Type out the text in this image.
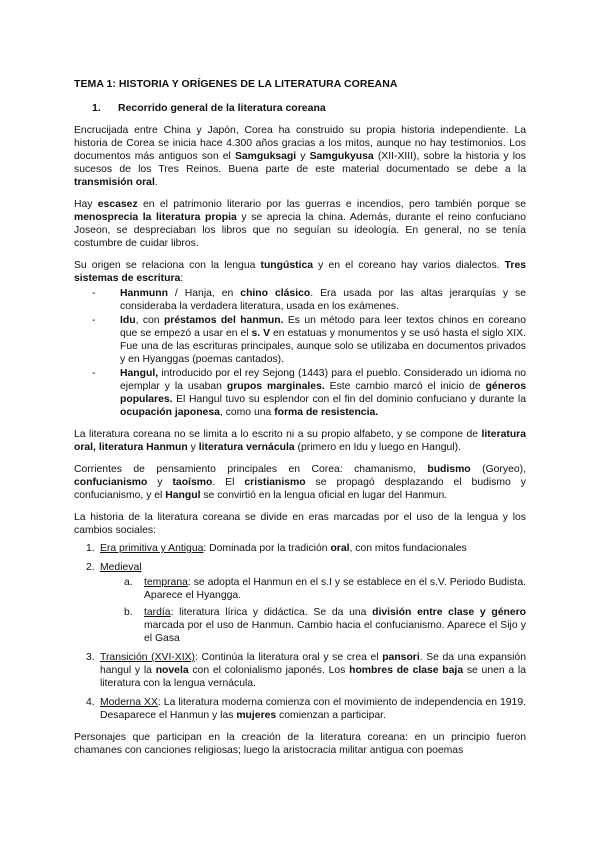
TEMA 1: HISTORIA Y ORÍGENES DE LA LITERATURA COREANA
1. Recorrido general de la literatura coreana

Encrucijada entre China y Japón, Corea ha construido su propia historia independiente. La historia de Corea se inicia hace 4.300 años gracias a los mitos, aunque no hay testimonios. Los documentos más antiguos son el Samguksagi y Samgukyusa (XII-XIII), sobre la historia y los sucesos de los Tres Reinos. Buena parte de este material documentado se debe a la transmisión oral.

Hay escasez en el patrimonio literario por las guerras e incendios, pero también porque se menosprecia la literatura propia y se aprecia la china. Además, durante el reino confuciano Joseon, se despreciaban los libros que no seguían su ideología. En general, no se tenía costumbre de cuidar libros.

Su origen se relaciona con la lengua tungústica y en el coreano hay varios dialectos. Tres sistemas de escritura:

- Hanmunn / Hanja, en chino clásico. Era usada por las altas jerarquías y se consideraba la verdadera literatura, usada en los exámenes.
- Idu, con préstamos del hanmun. Es un método para leer textos chinos en coreano que se empezó a usar en el s. V en estatuas y monumentos y se usó hasta el siglo XIX. Fue una de las escrituras principales, aunque solo se utilizaba en documentos privados y en Hyanggas (poemas cantados).
- Hangul, introducido por el rey Sejong (1443) para el pueblo. Considerado un idioma no ejemplar y la usaban grupos marginales. Este cambio marcó el inicio de géneros populares. El Hangul tuvo su esplendor con el fin del dominio confuciano y durante la ocupación japonesa, como una forma de resistencia.

La literatura coreana no se limita a lo escrito ni a su propio alfabeto, y se compone de literatura oral, literatura Hanmun y literatura vernácula (primero en Idu y luego en Hangul).

Corrientes de pensamiento principales en Corea: chamanismo, budismo (Goryeo), confucianismo y taoísmo. El cristianismo se propagó desplazando el budismo y confucianismo, y el Hangul se convirtió en la lengua oficial en lugar del Hanmun.

La historia de la literatura coreana se divide en eras marcadas por el uso de la lengua y los cambios sociales:

1. Era primitiva y Antigua: Dominada por la tradición oral, con mitos fundacionales
2. Medieval
a. temprana: se adopta el Hanmun en el s.I y se establece en el s.V. Periodo Budista. Aparece el Hyangga.
b. tardía: literatura lírica y didáctica. Se da una división entre clase y género marcada por el uso de Hanmun. Cambio hacia el confucianismo. Aparece el Sijo y el Gasa
3. Transición (XVI-XIX): Continúa la literatura oral y se crea el pansori. Se da una expansión hangul y la novela con el colonialismo japonés. Los hombres de clase baja se unen a la literatura con la lengua vernácula.
4. Moderna XX: La literatura moderna comienza con el movimiento de independencia en 1919. Desaparece el Hanmun y las mujeres comienzan a participar.

Personajes que participan en la creación de la literatura coreana: en un principio fueron chamanes con canciones religiosas; luego la aristocracia militar antigua con poemas
